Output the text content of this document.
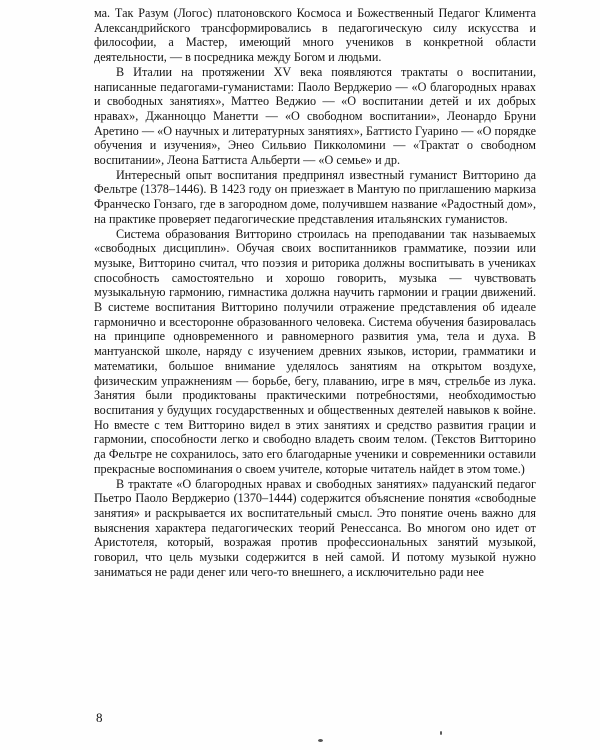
ма. Так Разум (Логос) платоновского Космоса и Божественный Педагог Климента Александрийского трансформировались в педагогическую силу искусства и философии, а Мастер, имеющий много учеников в конкретной области деятельности, — в посредника между Богом и людьми.

В Италии на протяжении XV века появляются трактаты о воспитании, написанные педагогами-гуманистами: Паоло Верджерио — «О благородных нравах и свободных занятиях», Маттео Веджио — «О воспитании детей и их добрых нравах», Джанноццо Манетти — «О свободном воспитании», Леонардо Бруни Аретино — «О научных и литературных занятиях», Баттисто Гуарино — «О порядке обучения и изучения», Энео Сильвио Пикколомини — «Трактат о свободном воспитании», Леона Баттиста Альберти — «О семье» и др.

Интересный опыт воспитания предпринял известный гуманист Витторино да Фельтре (1378–1446). В 1423 году он приезжает в Мантую по приглашению маркиза Франческо Гонзаго, где в загородном доме, получившем название «Радостный дом», на практике проверяет педагогические представления итальянских гуманистов.

Система образования Витторино строилась на преподавании так называемых «свободных дисциплин». Обучая своих воспитанников грамматике, поэзии или музыке, Витторино считал, что поэзия и риторика должны воспитывать в учениках способность самостоятельно и хорошо говорить, музыка — чувствовать музыкальную гармонию, гимнастика должна научить гармонии и грации движений. В системе воспитания Витторино получили отражение представления об идеале гармонично и всесторонне образованного человека. Система обучения базировалась на принципе одновременного и равномерного развития ума, тела и духа. В мантуанской школе, наряду с изучением древних языков, истории, грамматики и математики, большое внимание уделялось занятиям на открытом воздухе, физическим упражнениям — борьбе, бегу, плаванию, игре в мяч, стрельбе из лука. Занятия были продиктованы практическими потребностями, необходимостью воспитания у будущих государственных и общественных деятелей навыков к войне. Но вместе с тем Витторино видел в этих занятиях и средство развития грации и гармонии, способности легко и свободно владеть своим телом. (Текстов Витторино да Фельтре не сохранилось, зато его благодарные ученики и современники оставили прекрасные воспоминания о своем учителе, которые читатель найдет в этом томе.)

В трактате «О благородных нравах и свободных занятиях» падуанский педагог Пьетро Паоло Верджерио (1370–1444) содержится объяснение понятия «свободные занятия» и раскрывается их воспитательный смысл. Это понятие очень важно для выяснения характера педагогических теорий Ренессанса. Во многом оно идет от Аристотеля, который, возражая против профессиональных занятий музыкой, говорил, что цель музыки содержится в ней самой. И потому музыкой нужно заниматься не ради денег или чего-то внешнего, а исключительно ради нее

8
